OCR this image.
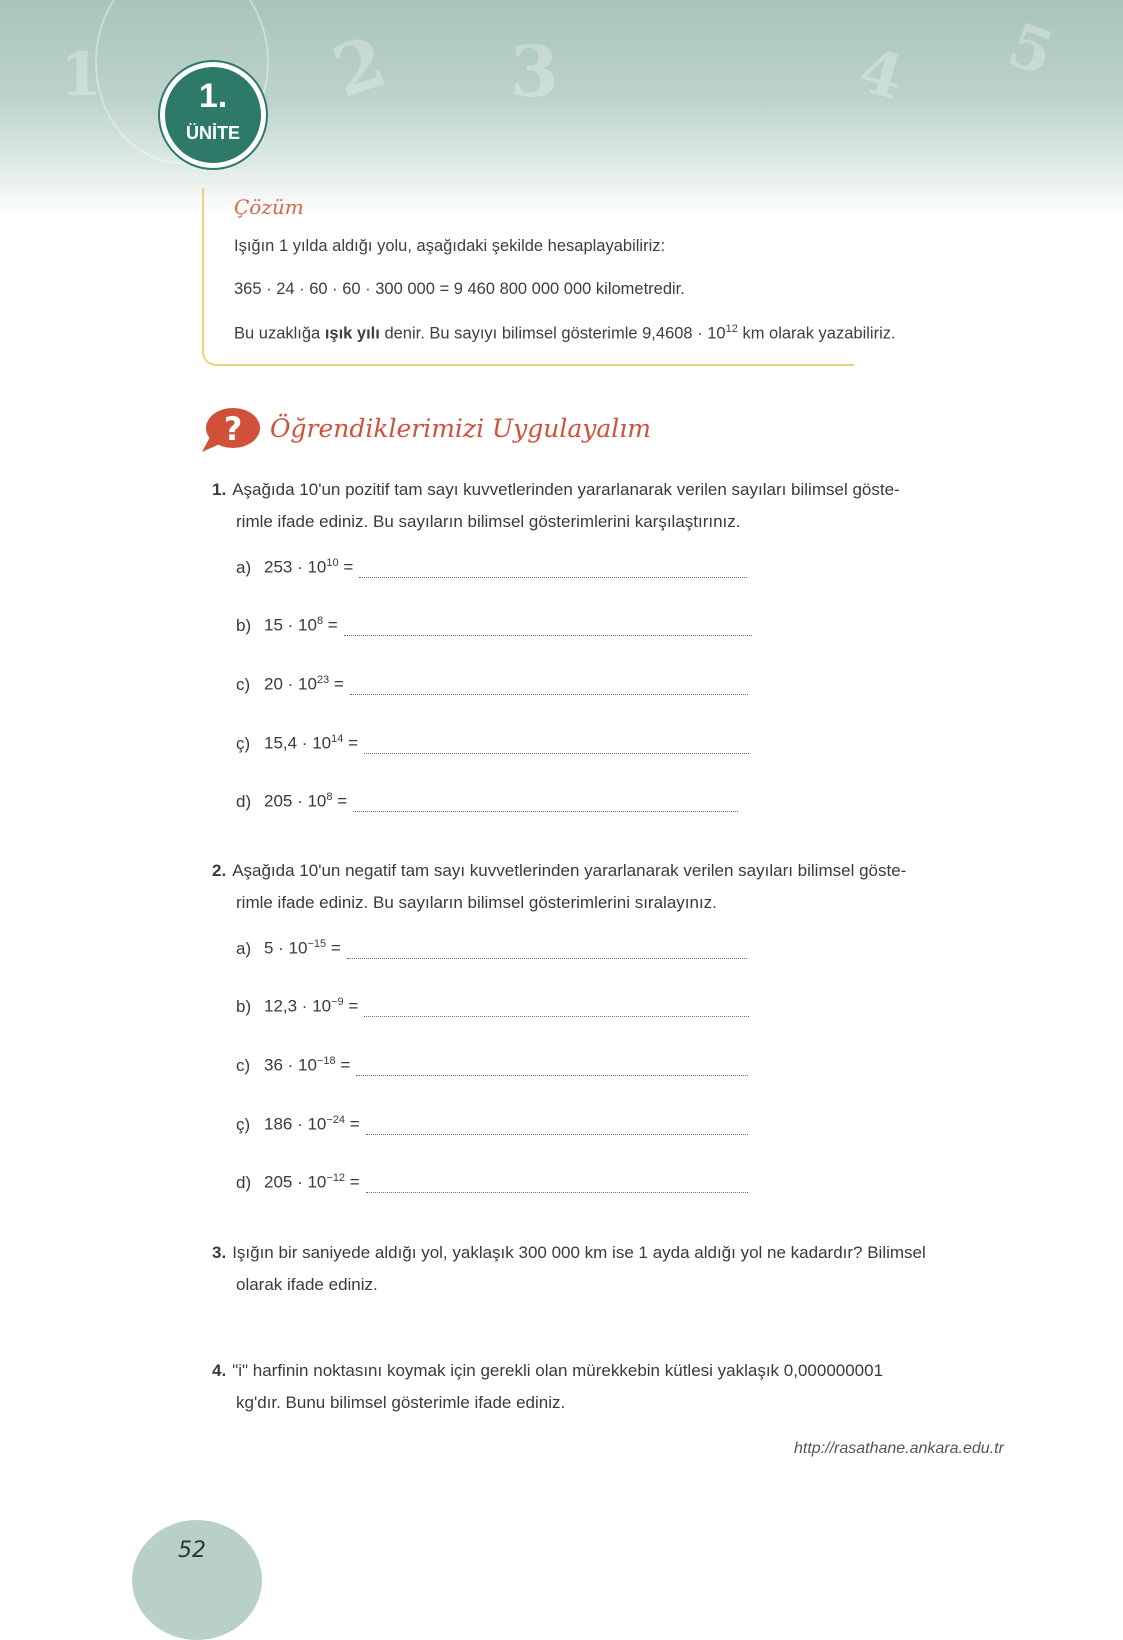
1	2 3	4 5
1.
ÜNİTE
Çözüm
Işığın 1 yılda aldığı yolu, aşağıdaki şekilde hesaplayabiliriz:
365 · 24 · 60 · 60 · 300 000 = 9 460 800 000 000 kilometredir.
Bu uzaklığa ışık yılı denir. Bu sayıyı bilimsel gösterimle $9,4608 \cdot 10^{12}$ km olarak yazabiliriz.
? Öğrendiklerimizi Uygulayalım
1. Aşağıda 10'un pozitif tam sayı kuvvetlerinden yararlanarak verilen sayıları bilimsel göste-
rimle ifade ediniz. Bu sayıların bilimsel gösterimlerini karşılaştırınız.
a) $253 \cdot 10^{10}$ =
b) $15 \cdot 10^8$ =
c) $20 \cdot 10^{23}$ =
ç) $15,4 \cdot 10^{14}$ =
d) $205 \cdot 10^8$ =
2. Aşağıda 10'un negatif tam sayı kuvvetlerinden yararlanarak verilen sayıları bilimsel göste-
rimle ifade ediniz. Bu sayıların bilimsel gösterimlerini sıralayınız.
a) $5 \cdot 10^{-15}$ =
b) $12,3 \cdot 10^{-9}$ =
c) $36 \cdot 10^{-18}$ =
ç) $186 \cdot 10^{-24}$ =
d) $205 \cdot 10^{-12}$ =
3. Işığın bir saniyede aldığı yol, yaklaşık 300 000 km ise 1 ayda aldığı yol ne kadardır? Bilimsel
olarak ifade ediniz.
4. "i" harfinin noktasını koymak için gerekli olan mürekkebin kütlesi yaklaşık 0,000000001
kg'dır. Bunu bilimsel gösterimle ifade ediniz.
http://rasathane.ankara.edu.tr
52
